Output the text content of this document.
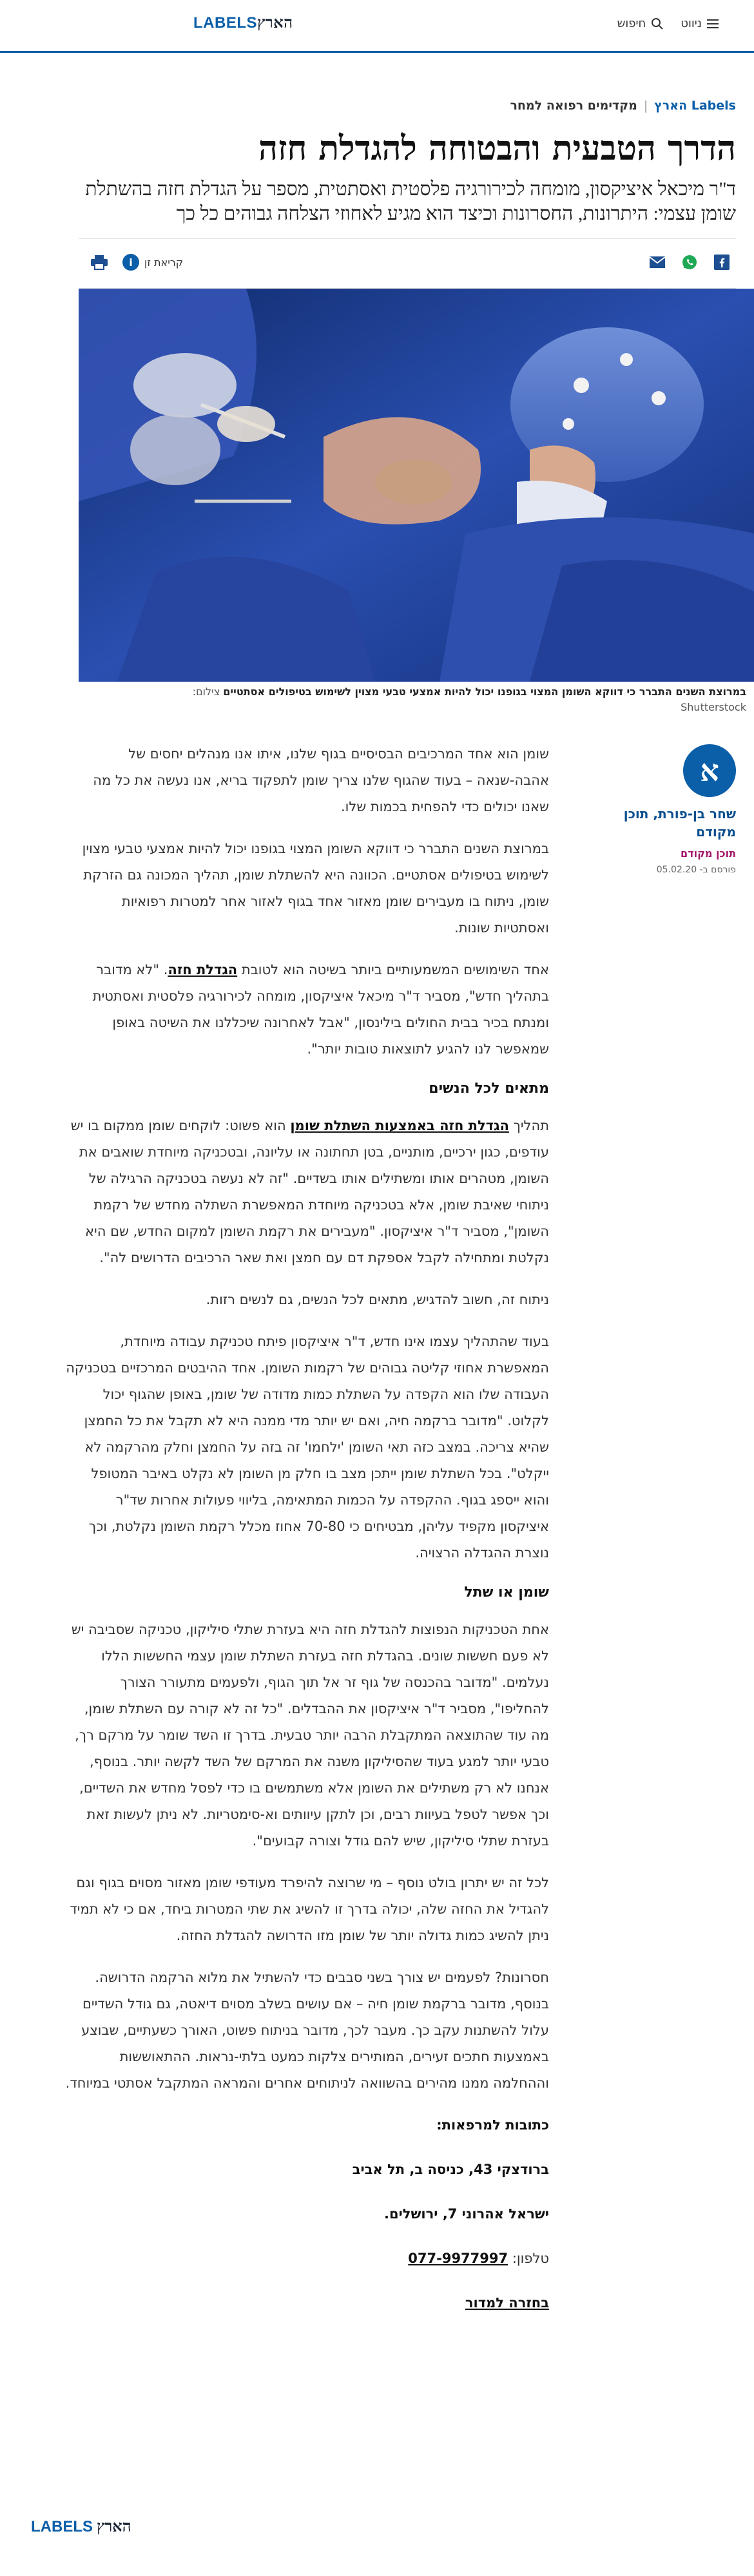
LABELSהארץ	ניווט
חיפוש
Labels הארץ
|
מקדימים רפואה למחר
הדרך הטבעית והבטוחה להגדלת חזה

ד"ר מיכאל איציקסון, מומחה לכירורגיה פלסטית ואסתטית, מספר על הגדלת חזה בהשתלת שומן עצמי: היתרונות, החסרונות וכיצד הוא מגיע לאחוזי הצלחה גבוהים כל כך

קריאת זן
i
במרוצת השנים התברר כי דווקא השומן המצוי בגופנו יכול להיות אמצעי טבעי מצוין לשימוש בטיפולים אסתטיים צילום:
Shutterstock
א
שחר בן-פורת, תוכן מקודם
תוכן מקודם
פורסם ב- 05.02.20

שומן הוא אחד המרכיבים הבסיסיים בגוף שלנו, איתו אנו מנהלים יחסים של אהבה-שנאה – בעוד שהגוף שלנו צריך שומן לתפקוד בריא, אנו נעשה את כל מה שאנו יכולים כדי להפחית בכמות שלו.

במרוצת השנים התברר כי דווקא השומן המצוי בגופנו יכול להיות אמצעי טבעי מצוין לשימוש בטיפולים אסתטיים. הכוונה היא להשתלת שומן, תהליך המכונה גם הזרקת שומן, ניתוח בו מעבירים שומן מאזור אחד בגוף לאזור אחר למטרות רפואיות ואסתטיות שונות.

אחד השימושים המשמעותיים ביותר בשיטה הוא לטובת הגדלת חזה. "לא מדובר בתהליך חדש", מסביר ד"ר מיכאל איציקסון, מומחה לכירורגיה פלסטית ואסתטית ומנתח בכיר בבית החולים בילינסון, "אבל לאחרונה שיכללנו את השיטה באופן שמאפשר לנו להגיע לתוצאות טובות יותר".

מתאים לכל הנשים

תהליך הגדלת חזה באמצעות השתלת שומן הוא פשוט: לוקחים שומן ממקום בו יש עודפים, כגון ירכיים, מותניים, בטן תחתונה או עליונה, ובטכניקה מיוחדת שואבים את השומן, מטהרים אותו ומשתילים אותו בשדיים. "זה לא נעשה בטכניקה הרגילה של ניתוחי שאיבת שומן, אלא בטכניקה מיוחדת המאפשרת השתלה מחדש של רקמת השומן", מסביר ד"ר איציקסון. "מעבירים את רקמת השומן למקום החדש, שם היא נקלטת ומתחילה לקבל אספקת דם עם חמצן ואת שאר הרכיבים הדרושים לה".

ניתוח זה, חשוב להדגיש, מתאים לכל הנשים, גם לנשים רזות.

בעוד שהתהליך עצמו אינו חדש, ד"ר איציקסון פיתח טכניקת עבודה מיוחדת, המאפשרת אחוזי קליטה גבוהים של רקמות השומן. אחד ההיבטים המרכזיים בטכניקה העבודה שלו הוא הקפדה על השתלת כמות מדודה של שומן, באופן שהגוף יכול לקלוט. "מדובר ברקמה חיה, ואם יש יותר מדי ממנה היא לא תקבל את כל החמצן שהיא צריכה. במצב כזה תאי השומן 'ילחמו' זה בזה על החמצן וחלק מהרקמה לא ייקלט". בכל השתלת שומן ייתכן מצב בו חלק מן השומן לא נקלט באיבר המטופל והוא ייספג בגוף. ההקפדה על הכמות המתאימה, בליווי פעולות אחרות שד"ר איציקסון מקפיד עליהן, מבטיחים כי 70-80 אחוז מכלל רקמת השומן נקלטת, וכך נוצרת ההגדלה הרצויה.

שומן או שתל

אחת הטכניקות הנפוצות להגדלת חזה היא בעזרת שתלי סיליקון, טכניקה שסביבה יש לא פעם חששות שונים. בהגדלת חזה בעזרת השתלת שומן עצמי החששות הללו נעלמים. "מדובר בהכנסה של גוף זר אל תוך הגוף, ולפעמים מתעורר הצורך להחליפו", מסביר ד"ר איציקסון את ההבדלים. "כל זה לא קורה עם השתלת שומן, מה עוד שהתוצאה המתקבלת הרבה יותר טבעית. בדרך זו השד שומר על מרקם רך, טבעי יותר למגע בעוד שהסיליקון משנה את המרקם של השד לקשה יותר. בנוסף, אנחנו לא רק משתילים את השומן אלא משתמשים בו כדי לפסל מחדש את השדיים, וכך אפשר לטפל בעיוות רבים, וכן לתקן עיוותים וא-סימטריות. לא ניתן לעשות זאת בעזרת שתלי סיליקון, שיש להם גודל וצורה קבועים".

לכל זה יש יתרון בולט נוסף – מי שרוצה להיפרד מעודפי שומן מאזור מסוים בגוף וגם להגדיל את החזה שלה, יכולה בדרך זו להשיג את שתי המטרות ביחד, אם כי לא תמיד ניתן להשיג כמות גדולה יותר של שומן מזו הדרושה להגדלת החזה.

חסרונות? לפעמים יש צורך בשני סבבים כדי להשתיל את מלוא הרקמה הדרושה. בנוסף, מדובר ברקמת שומן חיה – אם עושים בשלב מסוים דיאטה, גם גודל השדיים עלול להשתנות עקב כך. מעבר לכך, מדובר בניתוח פשוט, האורך כשעתיים, שבוצע באמצעות חתכים זעירים, המותירים צלקות כמעט בלתי-נראות. ההתאוששות וההחלמה ממנו מהירים בהשוואה לניתוחים אחרים והמראה המתקבל אסתטי במיוחד.

כתובות למרפאות:

ברודצקי 43, כניסה ב, תל אביב

ישראל אהרוני 7, ירושלים.

טלפון: 077-9977997

בחזרה למדור

LABELS הארץ
